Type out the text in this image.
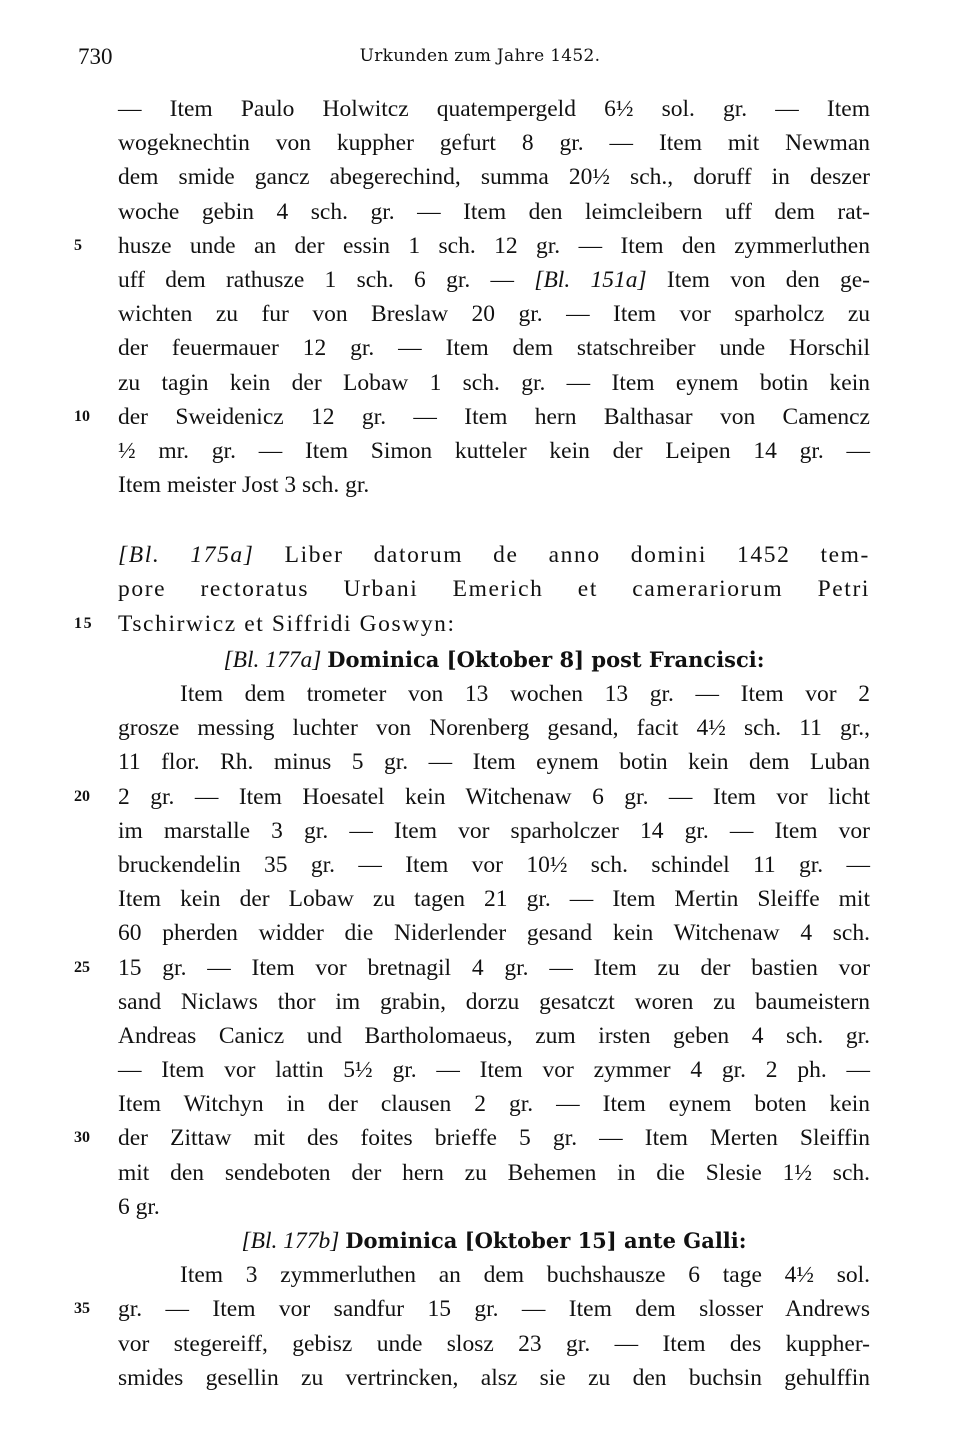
730	Urkunden zum Jahre 1452.
— Item Paulo Holwitcz quatempergeld 6½ sol. gr. — Item
wogeknechtin von kuppher gefurt 8 gr. — Item mit Newman
dem smide gancz abegerechind, summa 20½ sch., doruff in deszer
woche gebin 4 sch. gr. — Item den leimcleibern uff dem rat-
5	husze unde an der essin 1 sch. 12 gr. — Item den zymmerluthen
uff dem rathusze 1 sch. 6 gr. — [Bl. 151a] Item von den ge-
wichten zu fur von Breslaw 20 gr. — Item vor sparholcz zu
der feuermauer 12 gr. — Item dem statschreiber unde Horschil
zu tagin kein der Lobaw 1 sch. gr. — Item eynem botin kein
10	der Sweidenicz 12 gr. — Item hern Balthasar von Camencz
½ mr. gr. — Item Simon kutteler kein der Leipen 14 gr. —
Item meister Jost 3 sch. gr.
[Bl. 175a] Liber datorum de anno domini 1452 tem-
pore rectoratus Urbani Emerich et camerariorum Petri
15	Tschirwicz et Siffridi Goswyn:
[Bl. 177a] Dominica [Oktober 8] post Francisci:
Item dem trometer von 13 wochen 13 gr. — Item vor 2
grosze messing luchter von Norenberg gesand, facit 4½ sch. 11 gr.,
11 flor. Rh. minus 5 gr. — Item eynem botin kein dem Luban
20	2 gr. — Item Hoesatel kein Witchenaw 6 gr. — Item vor licht
im marstalle 3 gr. — Item vor sparholczer 14 gr. — Item vor
bruckendelin 35 gr. — Item vor 10½ sch. schindel 11 gr. —
Item kein der Lobaw zu tagen 21 gr. — Item Mertin Sleiffe mit
60 pherden widder die Niderlender gesand kein Witchenaw 4 sch.
25	15 gr. — Item vor bretnagil 4 gr. — Item zu der bastien vor
sand Niclaws thor im grabin, dorzu gesatczt woren zu baumeistern
Andreas Canicz und Bartholomaeus, zum irsten geben 4 sch. gr.
— Item vor lattin 5½ gr. — Item vor zymmer 4 gr. 2 ph. —
Item Witchyn in der clausen 2 gr. — Item eynem boten kein
30	der Zittaw mit des foites brieffe 5 gr. — Item Merten Sleiffin
mit den sendeboten der hern zu Behemen in die Slesie 1½ sch.
6 gr.
[Bl. 177b] Dominica [Oktober 15] ante Galli:
Item 3 zymmerluthen an dem buchshausze 6 tage 4½ sol.
35	gr. — Item vor sandfur 15 gr. — Item dem slosser Andrews
vor stegereiff, gebisz unde slosz 23 gr. — Item des kuppher-
smides gesellin zu vertrincken, alsz sie zu den buchsin gehulffin
